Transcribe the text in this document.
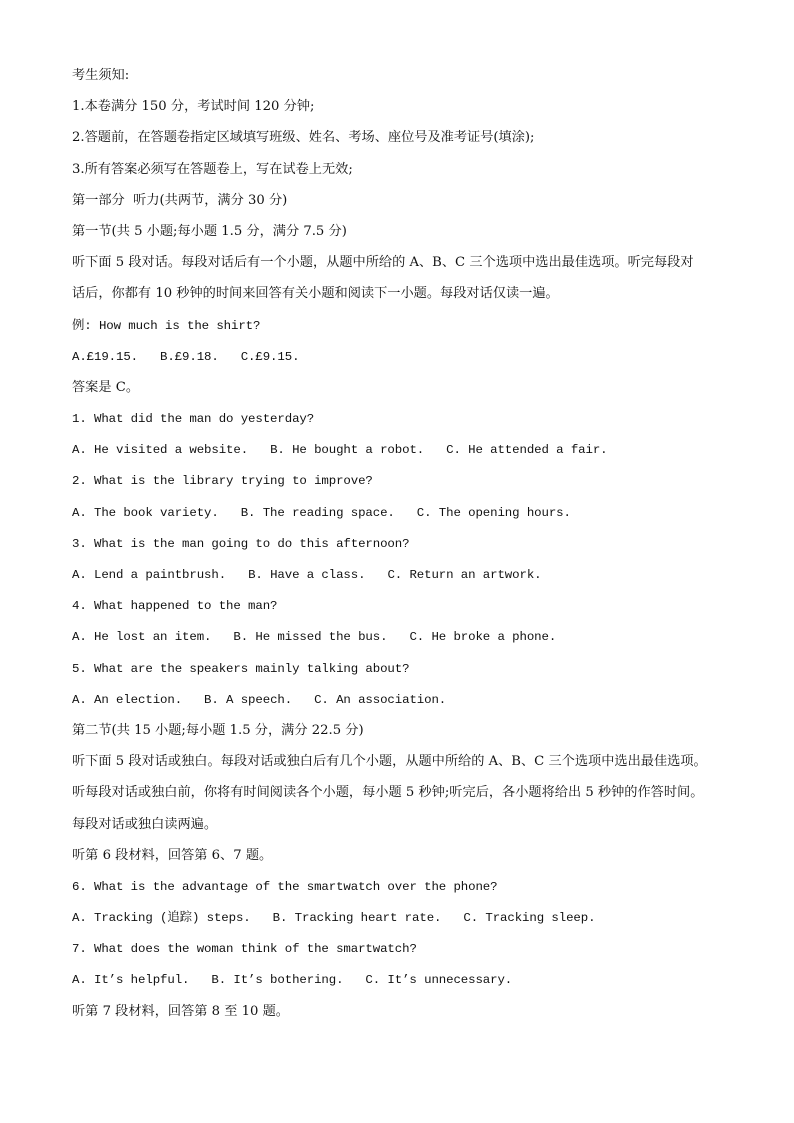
考生须知:
1.本卷满分 150 分，考试时间 120 分钟;
2.答题前，在答题卷指定区域填写班级、姓名、考场、座位号及准考证号(填涂);
3.所有答案必须写在答题卷上，写在试卷上无效;
第一部分  听力(共两节，满分 30 分)
第一节(共 5 小题;每小题 1.5 分，满分 7.5 分)
听下面 5 段对话。每段对话后有一个小题，从题中所给的 A、B、C 三个选项中选出最佳选项。听完每段对
话后，你都有 10 秒钟的时间来回答有关小题和阅读下一小题。每段对话仅读一遍。
例: How much is the shirt?
A.£19.15. B.£9.18. C.£9.15.
答案是 C。
1. What did the man do yesterday?
A. He visited a website. B. He bought a robot. C. He attended a fair.
2. What is the library trying to improve?
A. The book variety. B. The reading space. C. The opening hours.
3. What is the man going to do this afternoon?
A. Lend a paintbrush. B. Have a class. C. Return an artwork.
4. What happened to the man?
A. He lost an item. B. He missed the bus. C. He broke a phone.
5. What are the speakers mainly talking about?
A. An election. B. A speech. C. An association.
第二节(共 15 小题;每小题 1.5 分，满分 22.5 分)
听下面 5 段对话或独白。每段对话或独白后有几个小题，从题中所给的 A、B、C 三个选项中选出最佳选项。
听每段对话或独白前，你将有时间阅读各个小题，每小题 5 秒钟;听完后，各小题将给出 5 秒钟的作答时间。
每段对话或独白读两遍。
听第 6 段材料，回答第 6、7 题。
6. What is the advantage of the smartwatch over the phone?
A. Tracking (追踪) steps. B. Tracking heart rate. C. Tracking sleep.
7. What does the woman think of the smartwatch?
A. It’s helpful. B. It’s bothering. C. It’s unnecessary.
听第 7 段材料，回答第 8 至 10 题。
